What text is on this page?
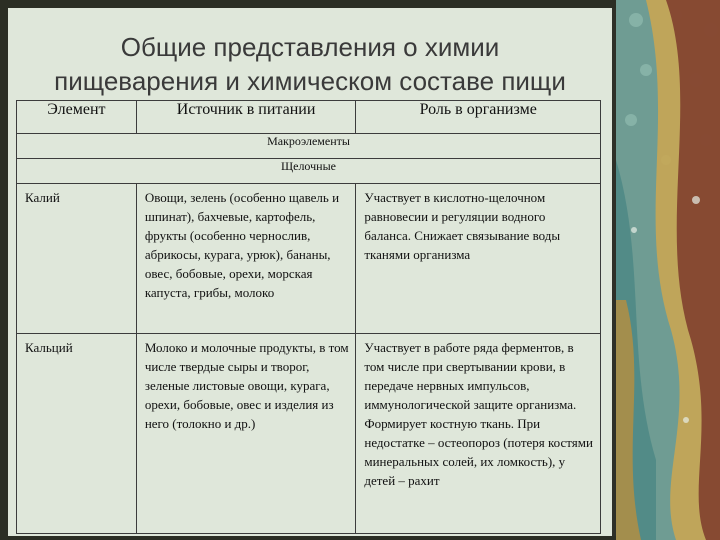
Общие представления о химии
пищеварения и химическом составе пищи
Элемент	Источник в питании	Роль в организме
Макроэлементы		
Щелочные		

Калий	Овощи, зелень (особенно щавель и шпинат), бахчевые, картофель, фрукты (особенно чернослив, абрикосы, курага, урюк), бананы, овес, бобовые, орехи, морская капуста, грибы, молоко	Участвует в кислотно-щелочном равновесии и регуляции водного баланса. Снижает связывание воды тканями организма

Кальций	Молоко и молочные продукты, в том числе твердые сыры и творог, зеленые листовые овощи, курага, орехи, бобовые, овес и изделия из него (толокно и др.)	Участвует в работе ряда ферментов, в том числе при свертывании крови, в передаче нервных импульсов, иммунологической защите организма. Формирует костную ткань. При недостатке – остеопороз (потеря костями минеральных солей, их ломкость), у детей – рахит
